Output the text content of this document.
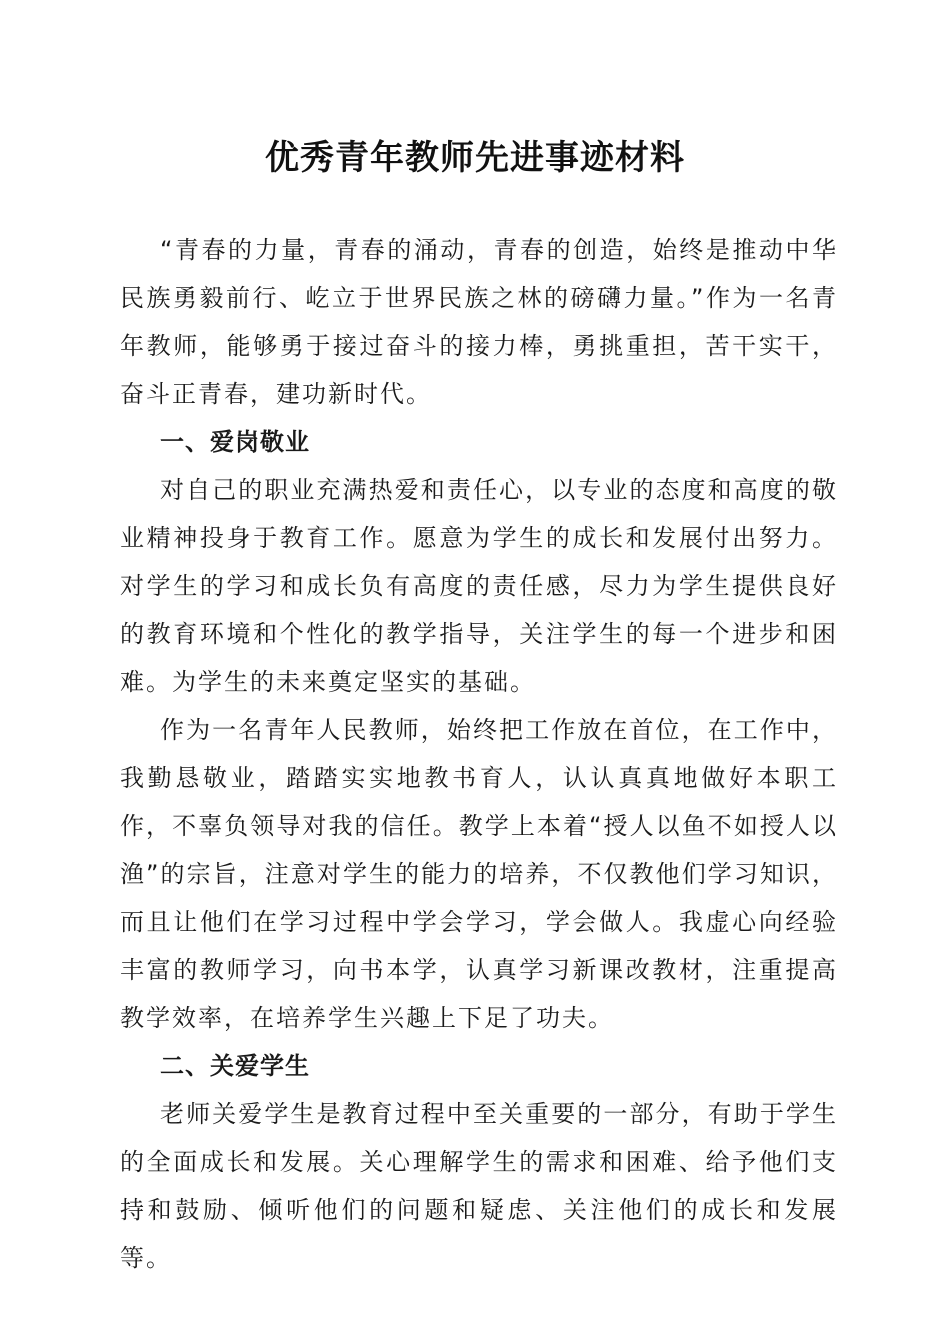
优秀青年教师先进事迹材料

“青春的力量，青春的涌动，青春的创造，始终是推动中华民族勇毅前行、屹立于世界民族之林的磅礴力量。”作为一名青年教师，能够勇于接过奋斗的接力棒，勇挑重担，苦干实干，奋斗正青春，建功新时代。

一、爱岗敬业

对自己的职业充满热爱和责任心，以专业的态度和高度的敬业精神投身于教育工作。愿意为学生的成长和发展付出努力。对学生的学习和成长负有高度的责任感，尽力为学生提供良好的教育环境和个性化的教学指导，关注学生的每一个进步和困难。为学生的未来奠定坚实的基础。

作为一名青年人民教师，始终把工作放在首位，在工作中，我勤恳敬业，踏踏实实地教书育人，认认真真地做好本职工作，不辜负领导对我的信任。教学上本着“授人以鱼不如授人以渔”的宗旨，注意对学生的能力的培养，不仅教他们学习知识，而且让他们在学习过程中学会学习，学会做人。我虚心向经验丰富的教师学习，向书本学，认真学习新课改教材，注重提高教学效率，在培养学生兴趣上下足了功夫。

二、关爱学生

老师关爱学生是教育过程中至关重要的一部分，有助于学生的全面成长和发展。关心理解学生的需求和困难、给予他们支持和鼓励、倾听他们的问题和疑虑、关注他们的成长和发展等。
